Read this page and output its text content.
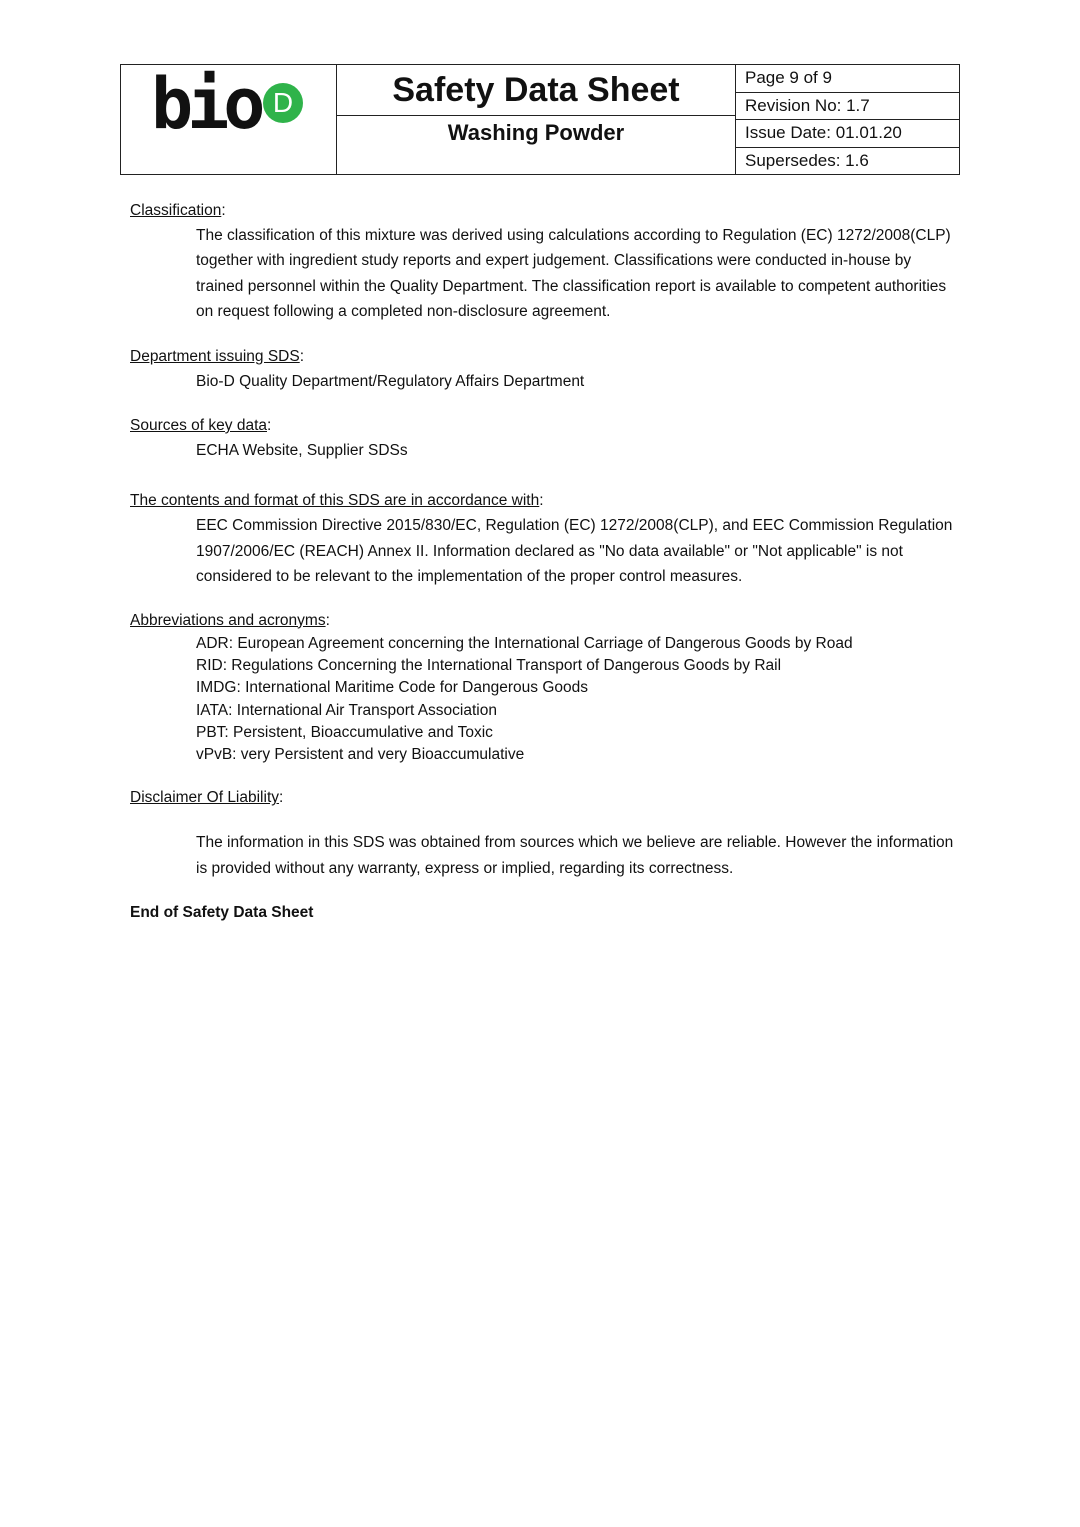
bio D	Safety Data Sheet
Washing Powder
Page 9 of 9
Revision No: 1.7
Issue Date: 01.01.20
Supersedes: 1.6
Classification:
The classification of this mixture was derived using calculations according to Regulation (EC) 1272/2008(CLP) together with ingredient study reports and expert judgement. Classifications were conducted in-house by trained personnel within the Quality Department. The classification report is available to competent authorities on request following a completed non-disclosure agreement.
Department issuing SDS:
Bio-D Quality Department/Regulatory Affairs Department
Sources of key data:
ECHA Website, Supplier SDSs
The contents and format of this SDS are in accordance with:
EEC Commission Directive 2015/830/EC, Regulation (EC) 1272/2008(CLP), and EEC Commission Regulation 1907/2006/EC (REACH) Annex II. Information declared as "No data available" or "Not applicable" is not considered to be relevant to the implementation of the proper control measures.
Abbreviations and acronyms:
ADR: European Agreement concerning the International Carriage of Dangerous Goods by Road
RID: Regulations Concerning the International Transport of Dangerous Goods by Rail
IMDG: International Maritime Code for Dangerous Goods
IATA: International Air Transport Association
PBT: Persistent, Bioaccumulative and Toxic
vPvB: very Persistent and very Bioaccumulative
Disclaimer Of Liability:
The information in this SDS was obtained from sources which we believe are reliable. However the information is provided without any warranty, express or implied, regarding its correctness.
End of Safety Data Sheet
